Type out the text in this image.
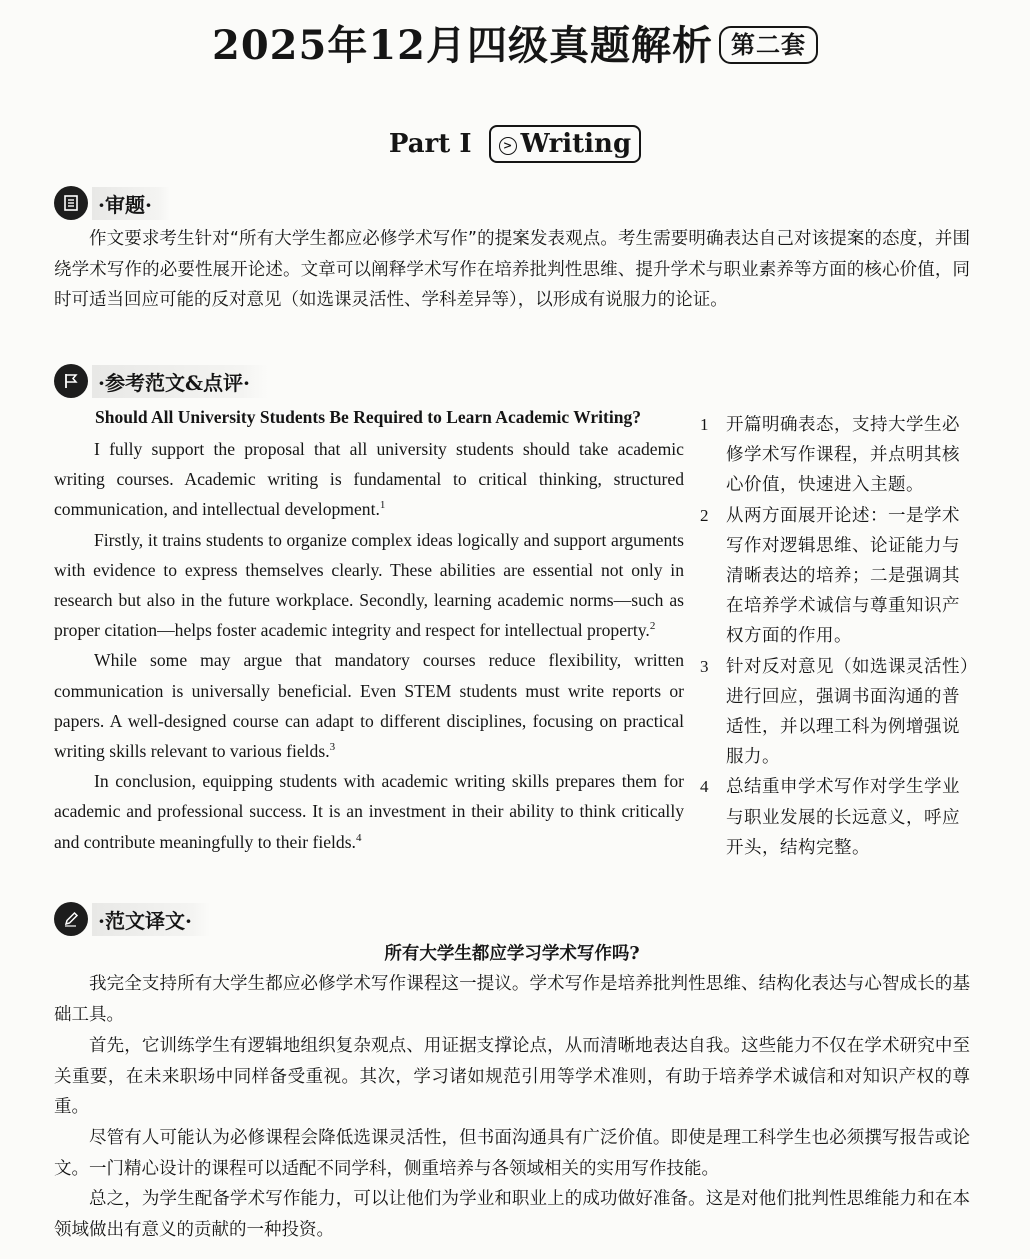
2025年12月四级真题解析 第二套
Part I	> Writing
·审题·
作文要求考生针对“所有大学生都应必修学术写作”的提案发表观点。考生需要明确表达自己对该提案的态度，并围绕学术写作的必要性展开论述。文章可以阐释学术写作在培养批判性思维、提升学术与职业素养等方面的核心价值，同时可适当回应可能的反对意见（如选课灵活性、学科差异等），以形成有说服力的论证。
·参考范文&点评·
Should All University Students Be Required to Learn Academic Writing?

I fully support the proposal that all university students should take academic writing courses. Academic writing is fundamental to critical thinking, structured communication, and intellectual development.$^1$

Firstly, it trains students to organize complex ideas logically and support arguments with evidence to express themselves clearly. These abilities are essential not only in research but also in the future workplace. Secondly, learning academic norms—such as proper citation—helps foster academic integrity and respect for intellectual property.$^2$

While some may argue that mandatory courses reduce flexibility, written communication is universally beneficial. Even STEM students must write reports or papers. A well-designed course can adapt to different disciplines, focusing on practical writing skills relevant to various fields.$^3$

In conclusion, equipping students with academic writing skills prepares them for academic and professional success. It is an investment in their ability to think critically and contribute meaningfully to their fields.$^4$

1	开篇明确表态，支持大学生必修学术写作课程，并点明其核心价值，快速进入主题。
2	从两方面展开论述：一是学术写作对逻辑思维、论证能力与清晰表达的培养；二是强调其在培养学术诚信与尊重知识产权方面的作用。
3	针对反对意见（如选课灵活性）进行回应，强调书面沟通的普适性，并以理工科为例增强说服力。
4	总结重申学术写作对学生学业与职业发展的长远意义，呼应开头，结构完整。
·范文译文·
所有大学生都应学习学术写作吗?
我完全支持所有大学生都应必修学术写作课程这一提议。学术写作是培养批判性思维、结构化表达与心智成长的基础工具。
首先，它训练学生有逻辑地组织复杂观点、用证据支撑论点，从而清晰地表达自我。这些能力不仅在学术研究中至关重要，在未来职场中同样备受重视。其次，学习诸如规范引用等学术准则，有助于培养学术诚信和对知识产权的尊重。
尽管有人可能认为必修课程会降低选课灵活性，但书面沟通具有广泛价值。即使是理工科学生也必须撰写报告或论文。一门精心设计的课程可以适配不同学科，侧重培养与各领域相关的实用写作技能。
总之，为学生配备学术写作能力，可以让他们为学业和职业上的成功做好准备。这是对他们批判性思维能力和在本领域做出有意义的贡献的一种投资。
